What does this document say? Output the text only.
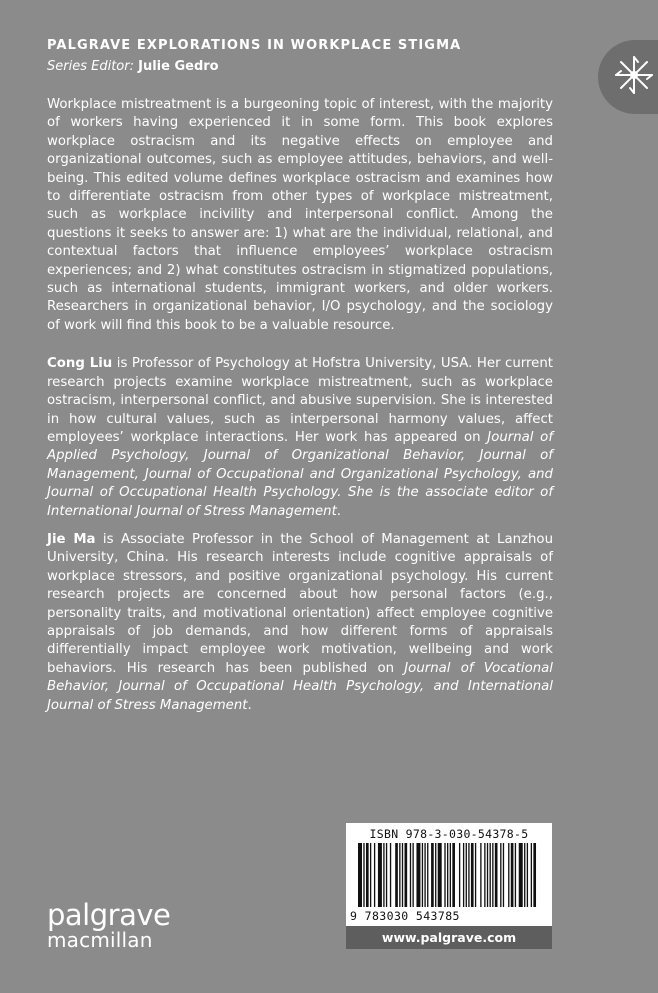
PALGRAVE EXPLORATIONS IN WORKPLACE STIGMA
Series Editor: Julie Gedro

Workplace mistreatment is a burgeoning topic of interest, with the majority of workers having experienced it in some form. This book explores workplace ostracism and its negative effects on employee and organizational outcomes, such as employee attitudes, behaviors, and well-being. This edited volume defines workplace ostracism and examines how to differentiate ostracism from other types of workplace mistreatment, such as workplace incivility and interpersonal conflict. Among the questions it seeks to answer are: 1) what are the individual, relational, and contextual factors that influence employees’ workplace ostracism experiences; and 2) what constitutes ostracism in stigmatized populations, such as international students, immigrant workers, and older workers. Researchers in organizational behavior, I/O psychology, and the sociology of work will find this book to be a valuable resource.

Cong Liu is Professor of Psychology at Hofstra University, USA. Her current research projects examine workplace mistreatment, such as workplace ostracism, interpersonal conflict, and abusive supervision. She is interested in how cultural values, such as interpersonal harmony values, affect employees’ workplace interactions. Her work has appeared on Journal of Applied Psychology, Journal of Organizational Behavior, Journal of Management, Journal of Occupational and Organizational Psychology, and Journal of Occupational Health Psychology. She is the associate editor of International Journal of Stress Management.

Jie Ma is Associate Professor in the School of Management at Lanzhou University, China. His research interests include cognitive appraisals of workplace stressors, and positive organizational psychology. His current research projects are concerned about how personal factors (e.g., personality traits, and motivational orientation) affect employee cognitive appraisals of job demands, and how different forms of appraisals differentially impact employee work motivation, wellbeing and work behaviors. His research has been published on Journal of Vocational Behavior, Journal of Occupational Health Psychology, and International Journal of Stress Management.

palgrave
macmillan
ISBN 978-3-030-54378-5
9 783030 543785
www.palgrave.com
